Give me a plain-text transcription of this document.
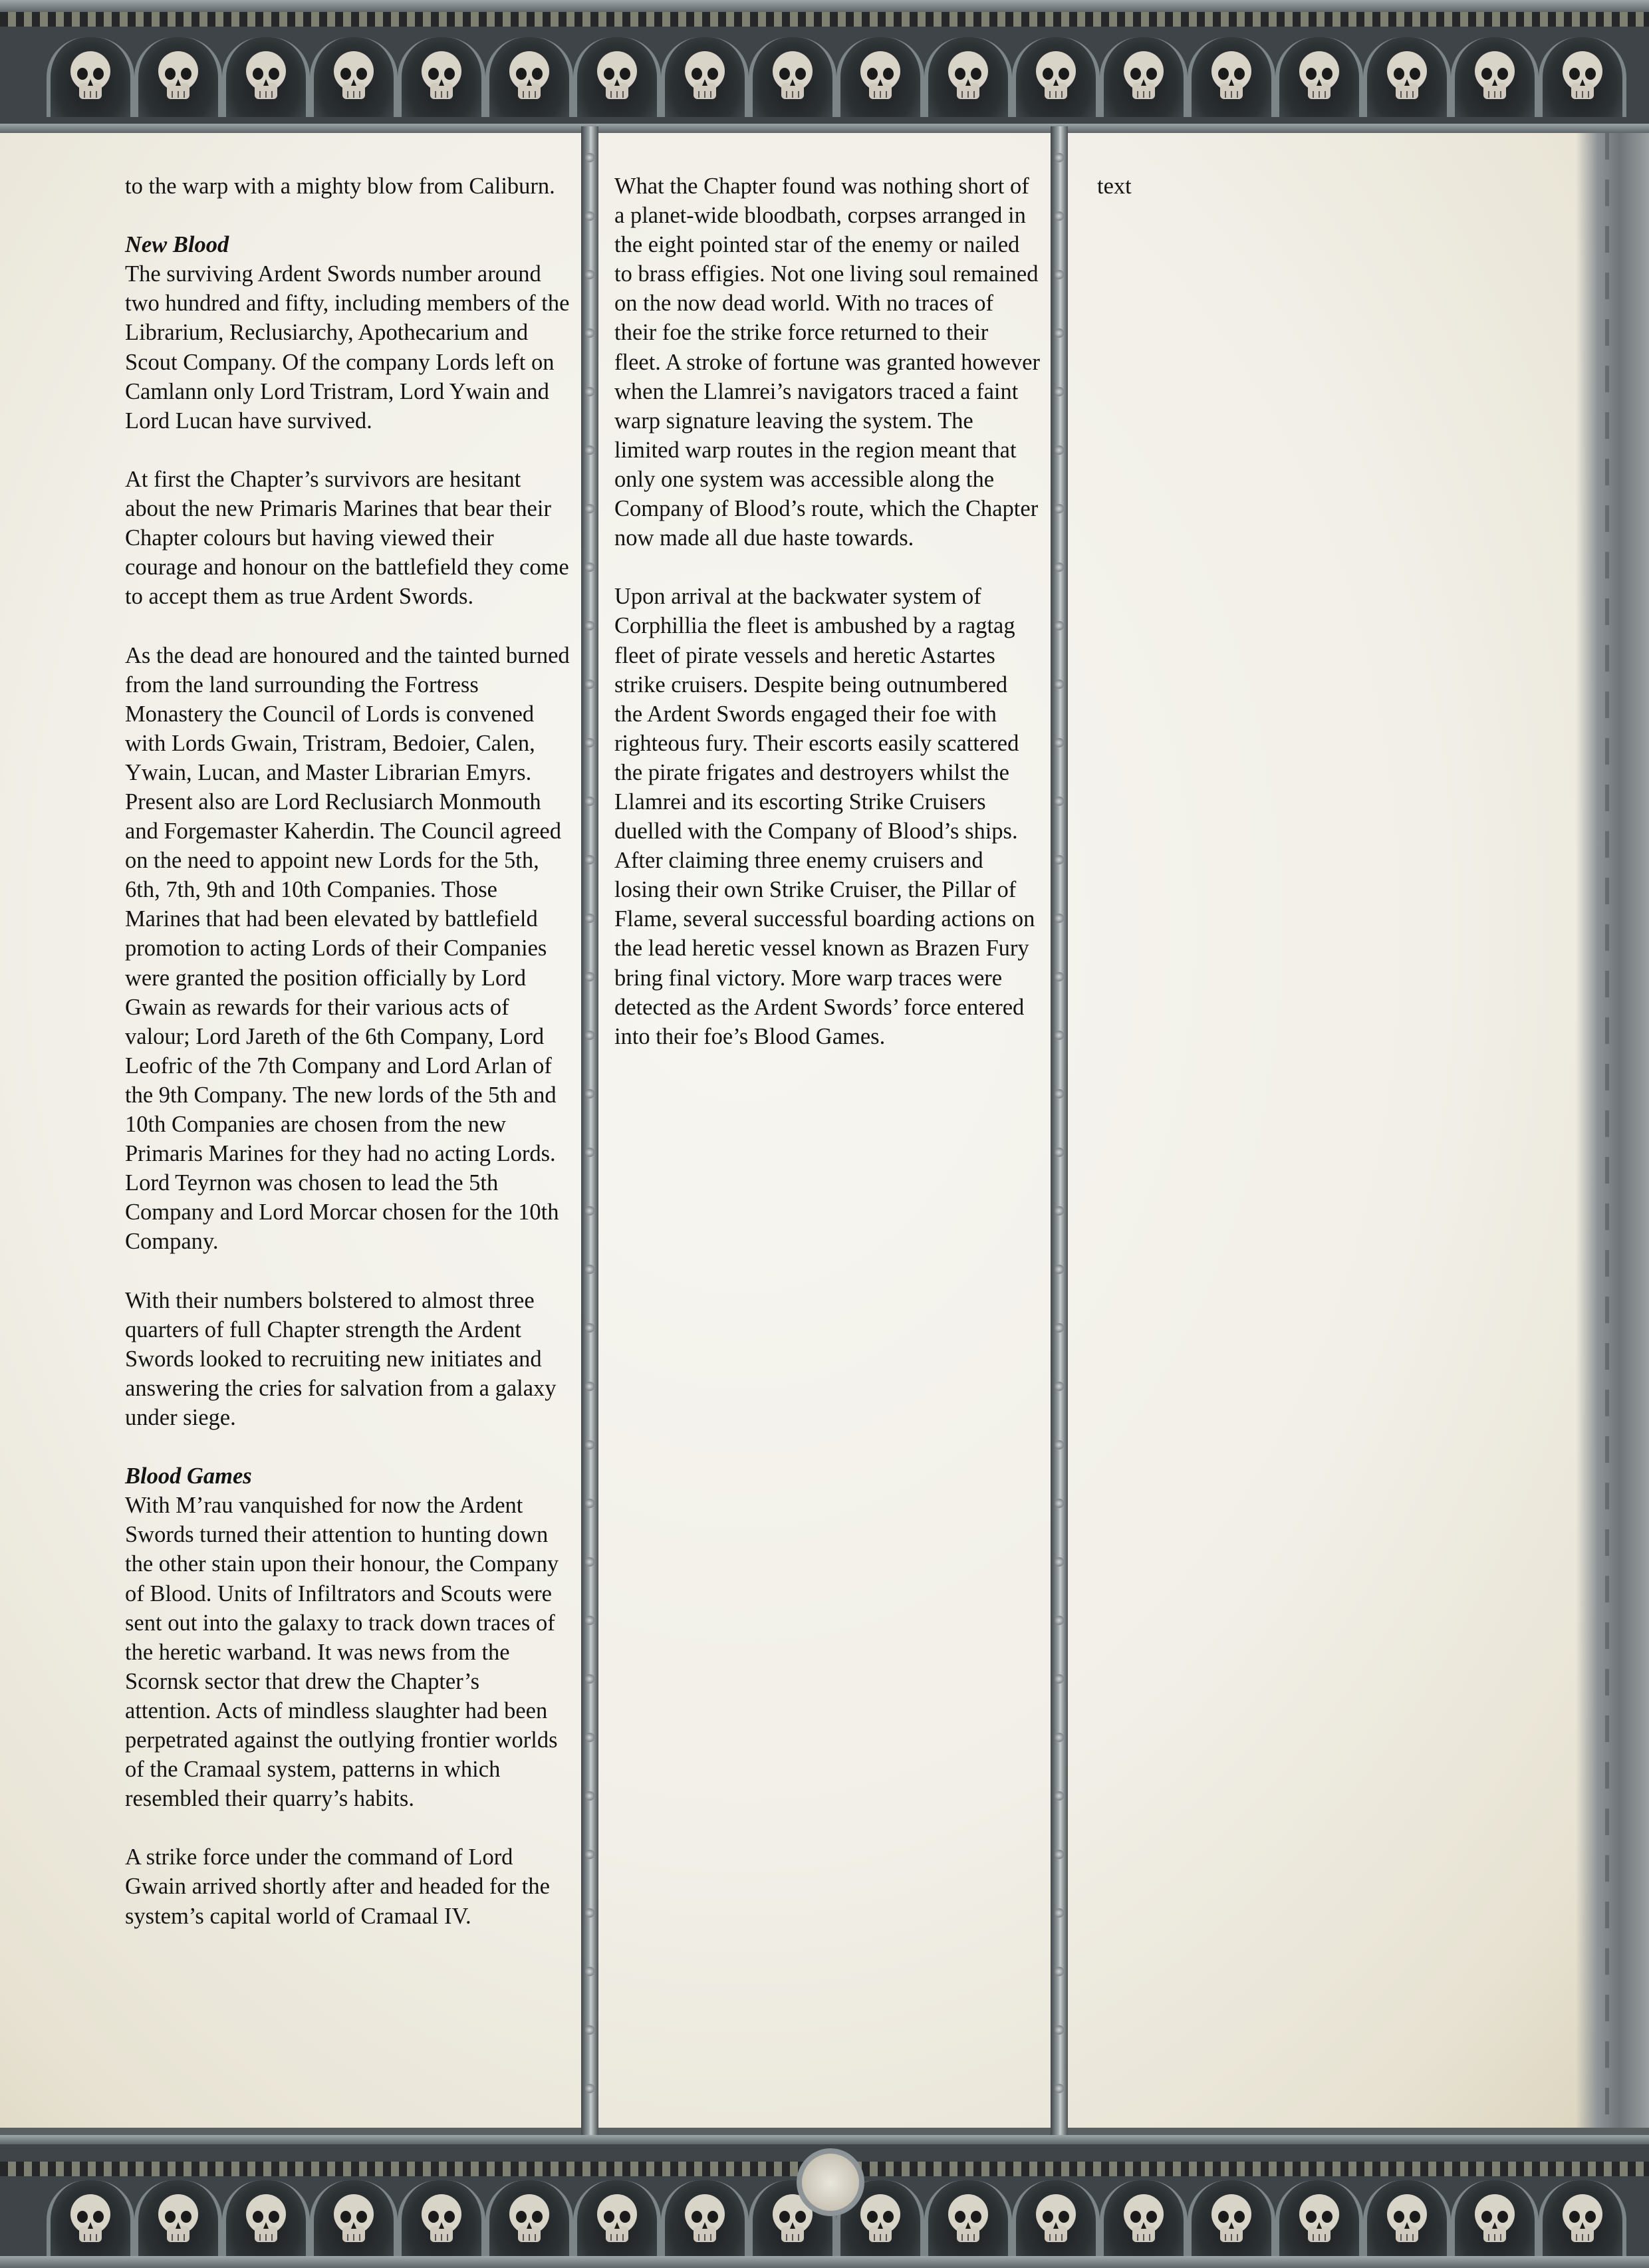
to the warp with a mighty blow from Caliburn.

New Blood

The surviving Ardent Swords number around two hundred and fifty, including members of the Librarium, Reclusiarchy, Apothecarium and Scout Company. Of the company Lords left on Camlann only Lord Tristram, Lord Ywain and Lord Lucan have survived.

At first the Chapter’s survivors are hesitant about the new Primaris Marines that bear their Chapter colours but having viewed their courage and honour on the battlefield they come to accept them as true Ardent Swords.

As the dead are honoured and the tainted burned from the land surrounding the Fortress Monastery the Council of Lords is convened with Lords Gwain, Tristram, Bedoier, Calen, Ywain, Lucan, and Master Librarian Emyrs. Present also are Lord Reclusiarch Monmouth and Forgemaster Kaherdin. The Council agreed on the need to appoint new Lords for the 5th, 6th, 7th, 9th and 10th Companies. Those Marines that had been elevated by battlefield promotion to acting Lords of their Companies were granted the position officially by Lord Gwain as rewards for their various acts of valour; Lord Jareth of the 6th Company, Lord Leofric of the 7th Company and Lord Arlan of the 9th Company. The new lords of the 5th and 10th Companies are chosen from the new Primaris Marines for they had no acting Lords. Lord Teyrnon was chosen to lead the 5th Company and Lord Morcar chosen for the 10th Company.

With their numbers bolstered to almost three quarters of full Chapter strength the Ardent Swords looked to recruiting new initiates and answering the cries for salvation from a galaxy under siege.

Blood Games

With M’rau vanquished for now the Ardent Swords turned their attention to hunting down the other stain upon their honour, the Company of Blood. Units of Infiltrators and Scouts were sent out into the galaxy to track down traces of the heretic warband. It was news from the Scornsk sector that drew the Chapter’s attention. Acts of mindless slaughter had been perpetrated against the outlying frontier worlds of the Cramaal system, patterns in which resembled their quarry’s habits.

A strike force under the command of Lord Gwain arrived shortly after and headed for the system’s capital world of Cramaal IV.

What the Chapter found was nothing short of a planet-wide bloodbath, corpses arranged in the eight pointed star of the enemy or nailed to brass effigies. Not one living soul remained on the now dead world. With no traces of their foe the strike force returned to their fleet. A stroke of fortune was granted however when the Llamrei’s navigators traced a faint warp signature leaving the system. The limited warp routes in the region meant that only one system was accessible along the Company of Blood’s route, which the Chapter now made all due haste towards.

Upon arrival at the backwater system of Corphillia the fleet is ambushed by a ragtag fleet of pirate vessels and heretic Astartes strike cruisers. Despite being outnumbered the Ardent Swords engaged their foe with righteous fury. Their escorts easily scattered the pirate frigates and destroyers whilst the Llamrei and its escorting Strike Cruisers duelled with the Company of Blood’s ships. After claiming three enemy cruisers and losing their own Strike Cruiser, the Pillar of Flame, several successful boarding actions on the lead heretic vessel known as Brazen Fury bring final victory. More warp traces were detected as the Ardent Swords’ force entered into their foe’s Blood Games.

text
